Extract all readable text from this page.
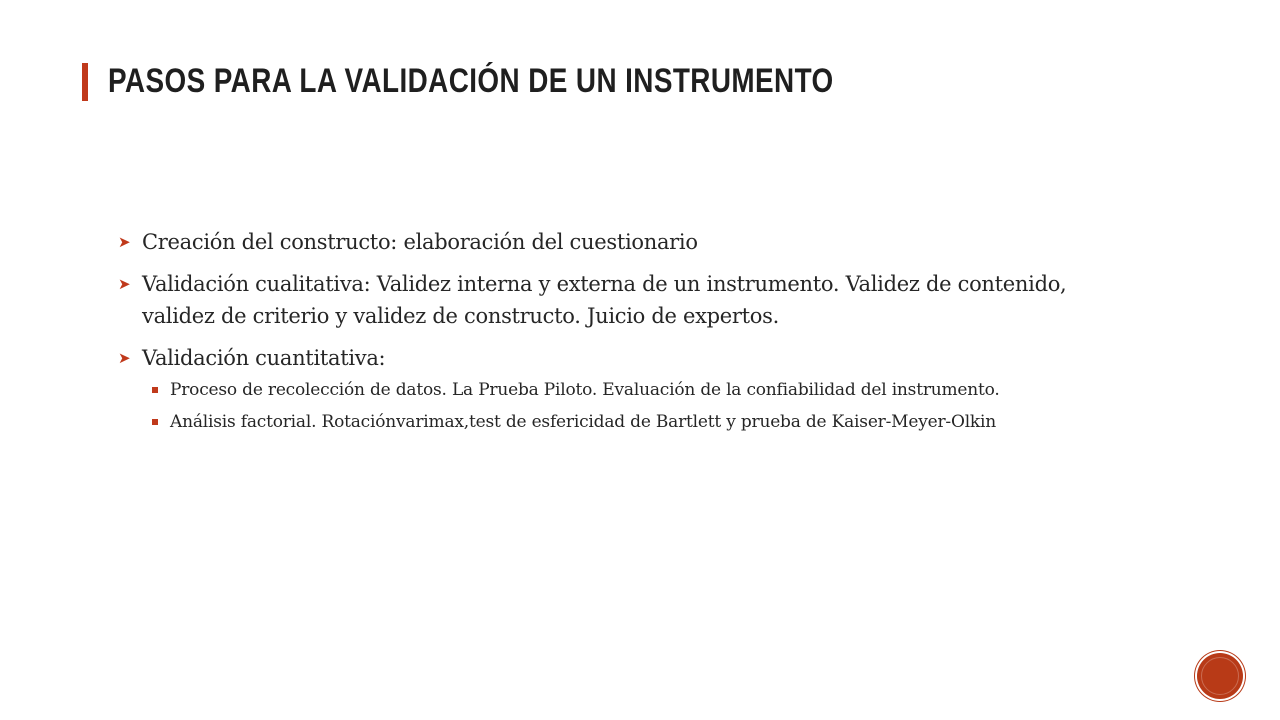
PASOS PARA LA VALIDACIÓN DE UN INSTRUMENTO
➤ Creación del constructo: elaboración del cuestionario
➤ Validación cualitativa: Validez interna y externa de un instrumento. Validez de contenido, validez de criterio y validez de constructo. Juicio de expertos.
➤ Validación cuantitativa:
Proceso de recolección de datos. La Prueba Piloto. Evaluación de la confiabilidad del instrumento.
Análisis factorial. Rotaciónvarimax,test de esfericidad de Bartlett y prueba de Kaiser-Meyer-Olkin
